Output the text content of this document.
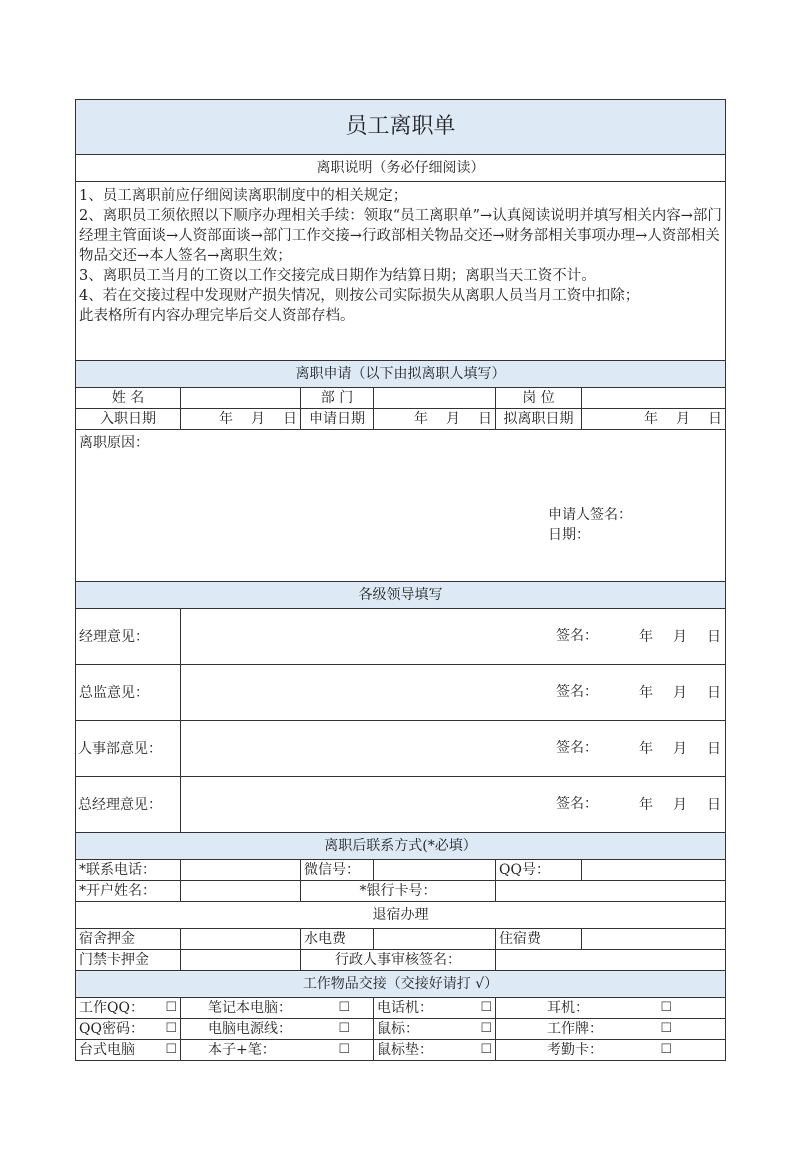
员工离职单					
离职说明（务必仔细阅读）					

1、员工离职前应仔细阅读离职制度中的相关规定；

2、离职员工须依照以下顺序办理相关手续：领取“员工离职单”→认真阅读说明并填写相关内容→部门经理主管面谈→人资部面谈→部门工作交接→行政部相关物品交还→财务部相关事项办理→人资部相关物品交还→本人签名→离职生效；

3、离职员工当月的工资以工作交接完成日期作为结算日期；离职当天工资不计。

4、若在交接过程中发现财产损失情况，则按公司实际损失从离职人员当月工资中扣除；

此表格所有内容办理完毕后交人资部存档。					

离职申请（以下由拟离职人填写）					
姓 名		部 门		岗 位	
入职日期	年 月 日	申请日期	年 月 日	拟离职日期	年 月 日

离职原因：
申请人签名：
日期：					

各级领导填写					
经理意见：	签名： 年 月 日				

总监意见：	签名： 年 月 日				

人事部意见：	签名： 年 月 日				

总经理意见：	签名： 年 月 日				

离职后联系方式(*必填）					
*联系电话：		微信号：		QQ号：	
*开户姓名：		*银行卡号：			
退宿办理					
宿舍押金		水电费		住宿费	
门禁卡押金		行政人事审核签名：			
工作物品交接（交接好请打 √）					

工作QQ： ☐	笔记本电脑： ☐		电话机： ☐	耳机： ☐	

QQ密码： ☐	电脑电源线： ☐		鼠标： ☐	工作牌： ☐	

台式电脑 ☐	本子+笔： ☐		鼠标垫： ☐	考勤卡： ☐	
